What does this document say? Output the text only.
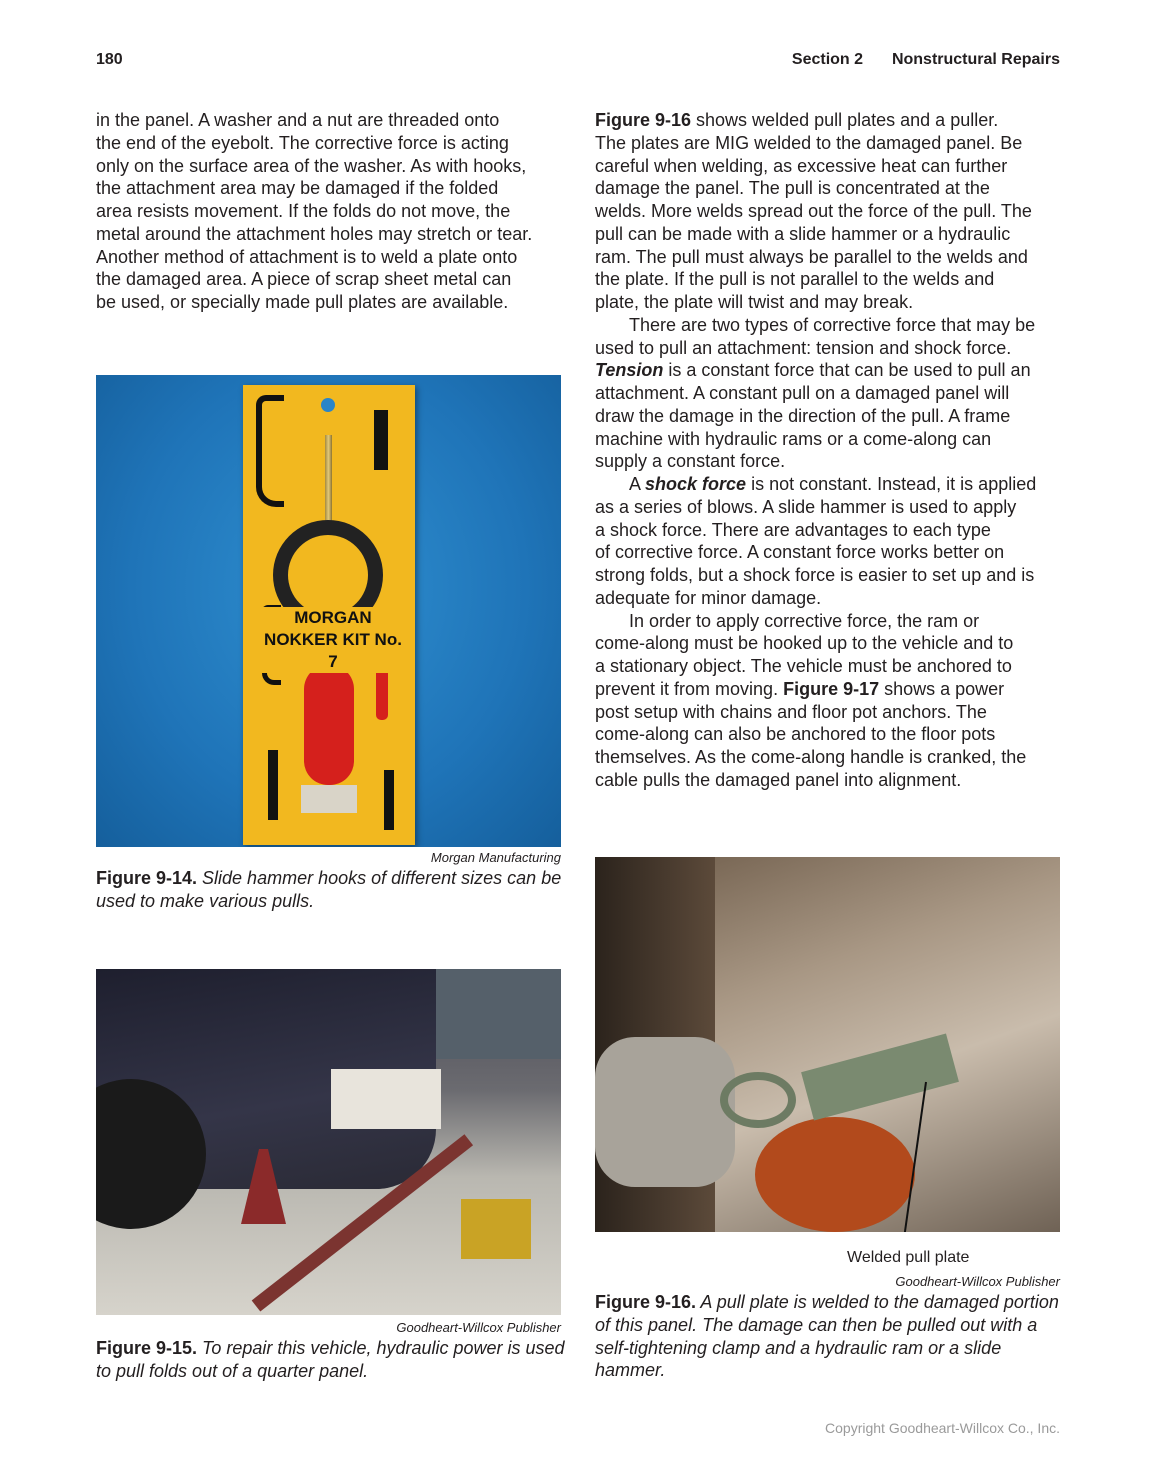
180	Section 2 Nonstructural Repairs
in the panel. A washer and a nut are threaded onto
the end of the eyebolt. The corrective force is acting
only on the surface area of the washer. As with hooks,
the attachment area may be damaged if the folded
area resists movement. If the folds do not move, the
metal around the attachment holes may stretch or tear.
Another method of attachment is to weld a plate onto
the damaged area. A piece of scrap sheet metal can
be used, or specially made pull plates are available.
Figure 9-16 shows welded pull plates and a puller.
The plates are MIG welded to the damaged panel. Be
careful when welding, as excessive heat can further
damage the panel. The pull is concentrated at the
welds. More welds spread out the force of the pull. The
pull can be made with a slide hammer or a hydraulic
ram. The pull must always be parallel to the welds and
the plate. If the pull is not parallel to the welds and
plate, the plate will twist and may break.
There are two types of corrective force that may be
used to pull an attachment: tension and shock force.
Tension is a constant force that can be used to pull an
attachment. A constant pull on a damaged panel will
draw the damage in the direction of the pull. A frame
machine with hydraulic rams or a come-along can
supply a constant force.
A shock force is not constant. Instead, it is applied
as a series of blows. A slide hammer is used to apply
a shock force. There are advantages to each type
of corrective force. A constant force works better on
strong folds, but a shock force is easier to set up and is
adequate for minor damage.
In order to apply corrective force, the ram or
come-along must be hooked up to the vehicle and to
a stationary object. The vehicle must be anchored to
prevent it from moving. Figure 9-17 shows a power
post setup with chains and floor pot anchors. The
come-along can also be anchored to the floor pots
themselves. As the come-along handle is cranked, the
cable pulls the damaged panel into alignment.
MORGAN NOKKER KIT No. 7
Morgan Manufacturing
Figure 9-14. Slide hammer hooks of different sizes can be used to make various pulls.
Goodheart-Willcox Publisher
Figure 9-15. To repair this vehicle, hydraulic power is used to pull folds out of a quarter panel.
Welded pull plate
Goodheart-Willcox Publisher
Figure 9-16. A pull plate is welded to the damaged portion of this panel. The damage can then be pulled out with a self-tightening clamp and a hydraulic ram or a slide hammer.
Copyright Goodheart-Willcox Co., Inc.
